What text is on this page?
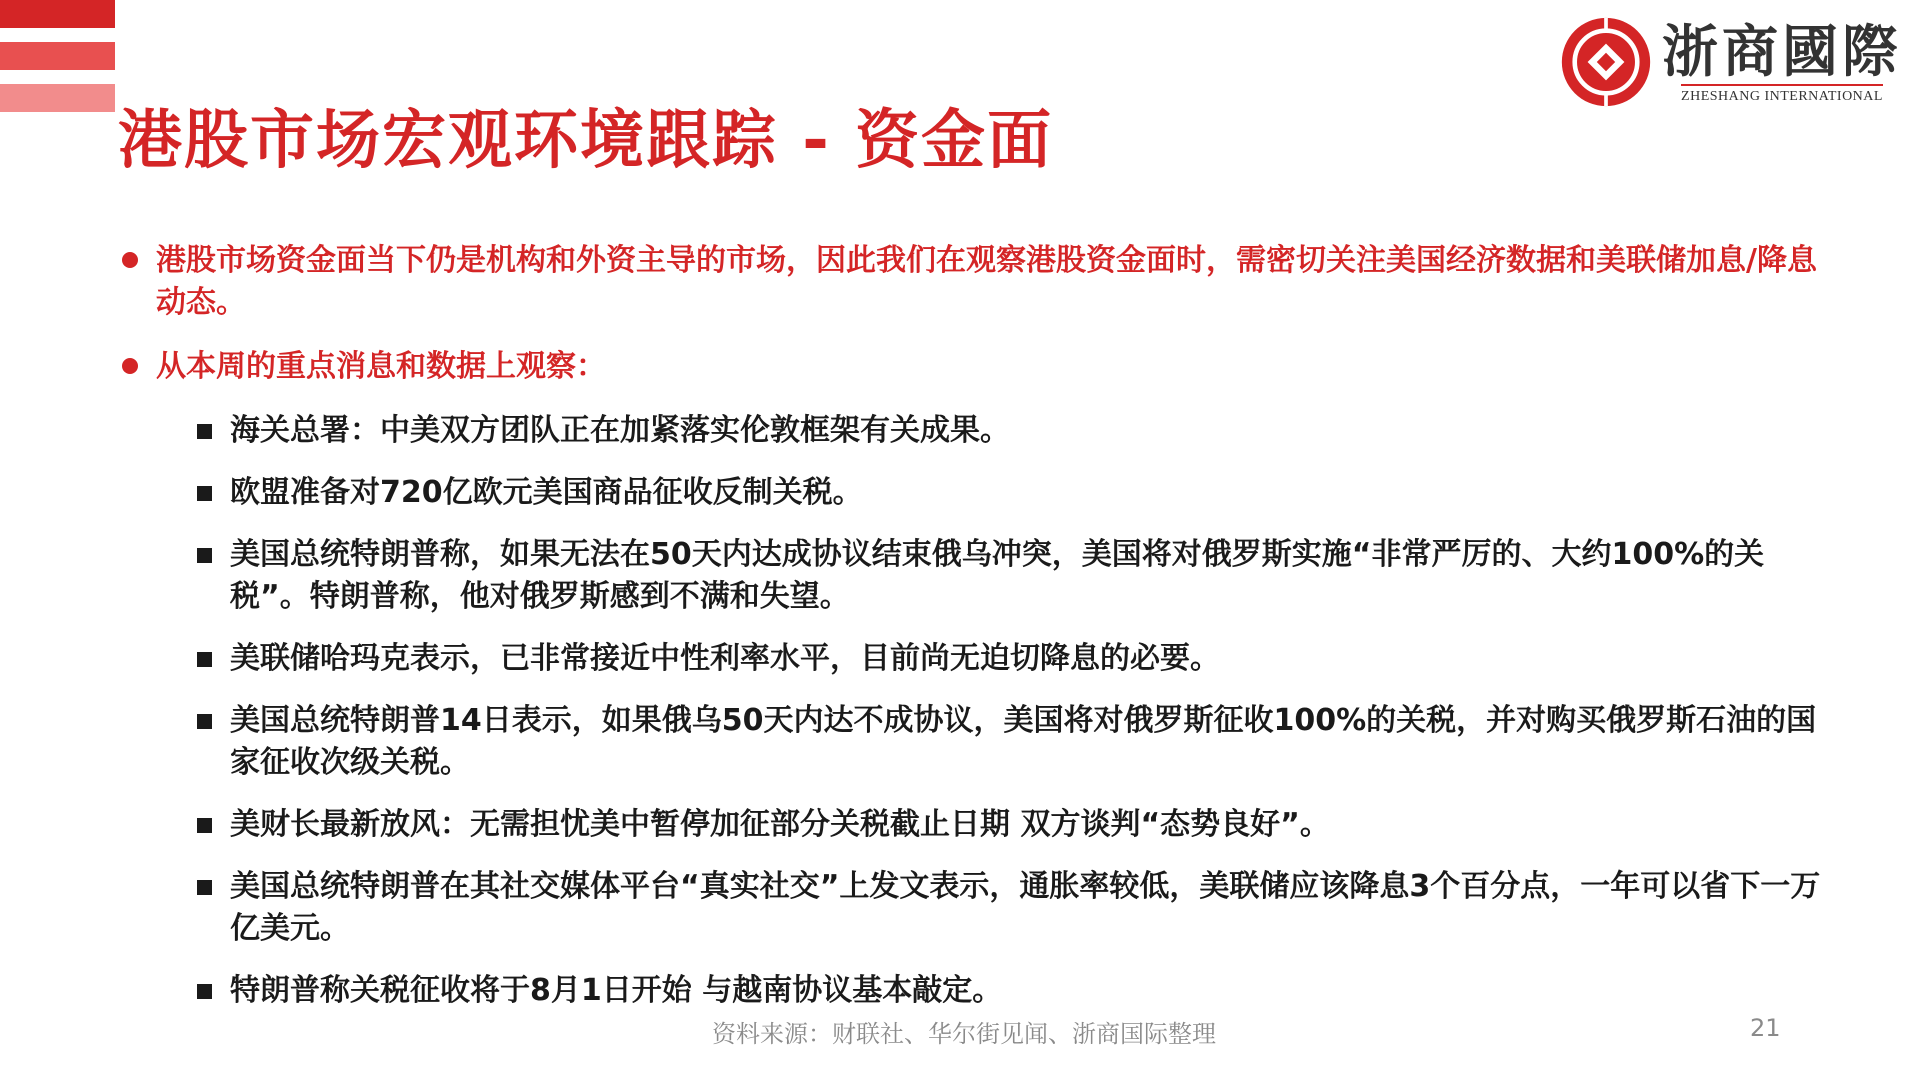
浙商國際
ZHESHANG INTERNATIONAL
港股市场宏观环境跟踪 - 资金面
港股市场资金面当下仍是机构和外资主导的市场，因此我们在观察港股资金面时，需密切关注美国经济数据和美联储加息/降息动态。
从本周的重点消息和数据上观察：
海关总署：中美双方团队正在加紧落实伦敦框架有关成果。
欧盟准备对720亿欧元美国商品征收反制关税。
美国总统特朗普称，如果无法在50天内达成协议结束俄乌冲突，美国将对俄罗斯实施“非常严厉的、大约100%的关税”。特朗普称，他对俄罗斯感到不满和失望。
美联储哈玛克表示，已非常接近中性利率水平，目前尚无迫切降息的必要。
美国总统特朗普14日表示，如果俄乌50天内达不成协议，美国将对俄罗斯征收100%的关税，并对购买俄罗斯石油的国家征收次级关税。
美财长最新放风：无需担忧美中暂停加征部分关税截止日期 双方谈判“态势良好”。
美国总统特朗普在其社交媒体平台“真实社交”上发文表示，通胀率较低，美联储应该降息3个百分点，一年可以省下一万亿美元。
特朗普称关税征收将于8月1日开始 与越南协议基本敲定。
资料来源：财联社、华尔街见闻、浙商国际整理	21
